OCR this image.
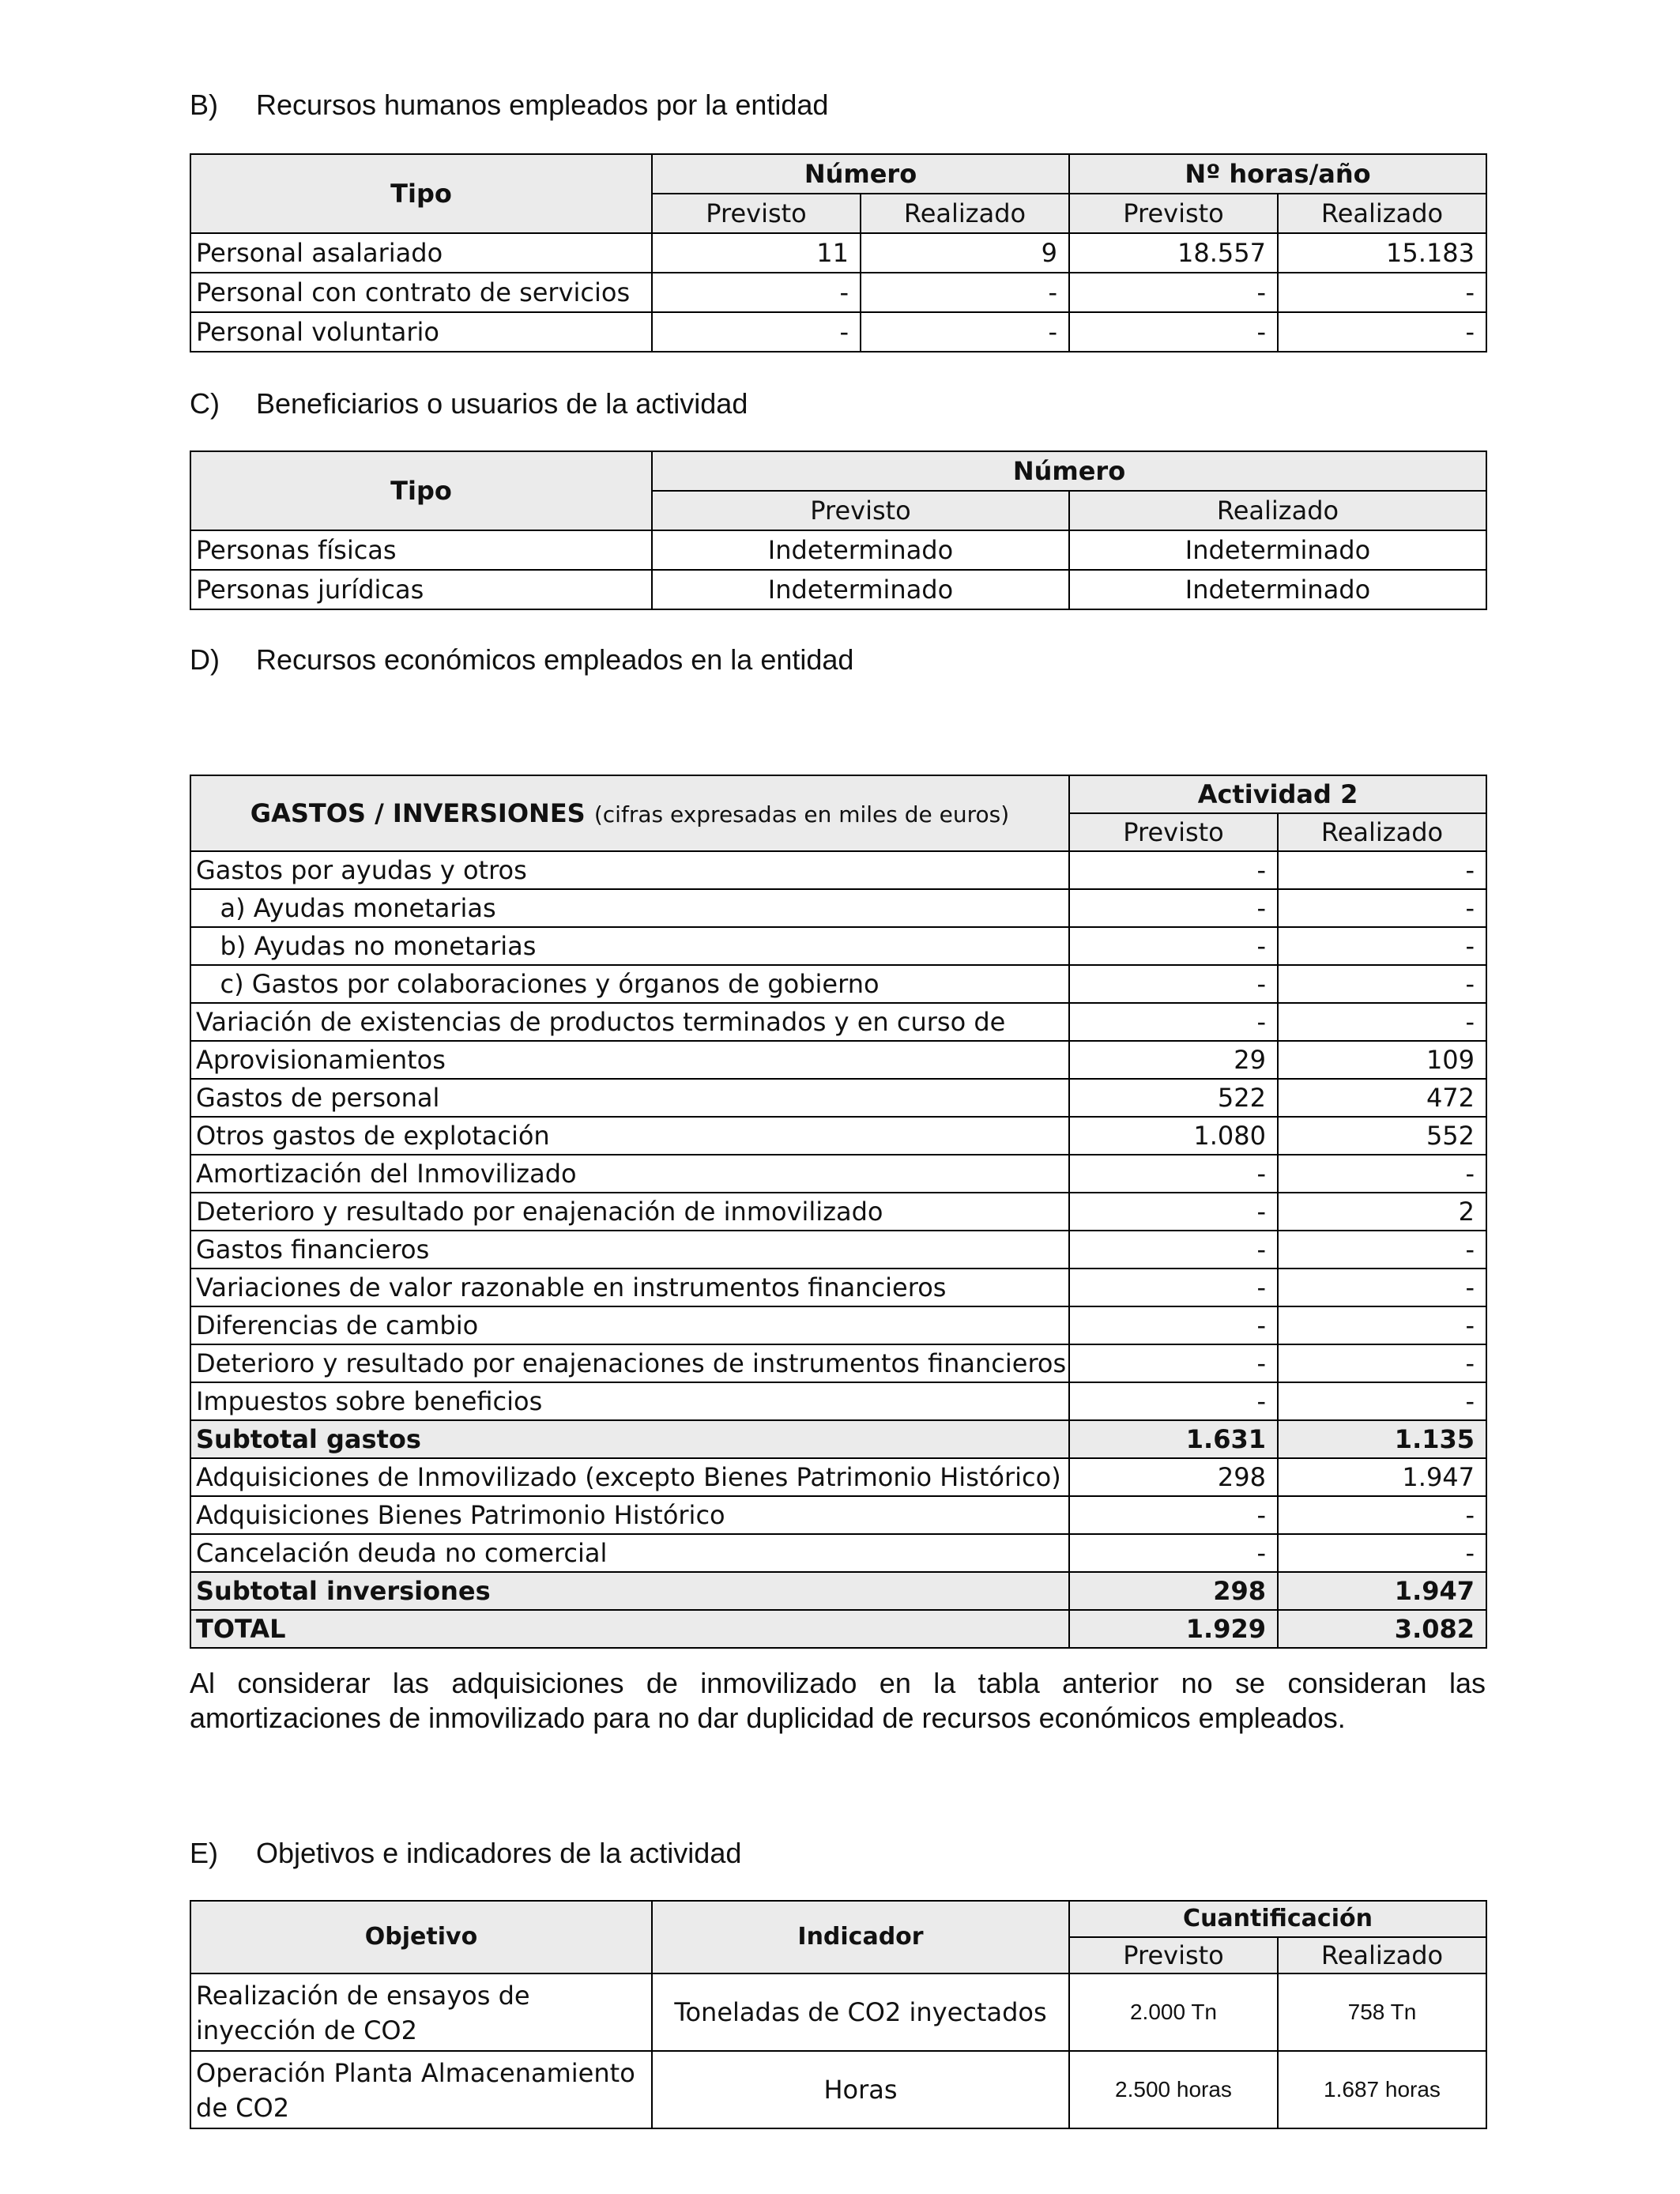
B) Recursos humanos empleados por la entidad
Tipo	Número		Nº horas/año	
	Previsto	Realizado	Previsto	Realizado
Personal asalariado	11	9	18.557	15.183
Personal con contrato de servicios	-	-	-	-
Personal voluntario	-	-	-	-
C) Beneficiarios o usuarios de la actividad
Tipo	Número	
	Previsto	Realizado
Personas físicas	Indeterminado	Indeterminado
Personas jurídicas	Indeterminado	Indeterminado
D) Recursos económicos empleados en la entidad
GASTOS / INVERSIONES (cifras expresadas en miles de euros)	Actividad 2	
	Previsto	Realizado
Gastos por ayudas y otros	-	-
a) Ayudas monetarias	-	-
b) Ayudas no monetarias	-	-
c) Gastos por colaboraciones y órganos de gobierno	-	-
Variación de existencias de productos terminados y en curso de	-	-
Aprovisionamientos	29	109
Gastos de personal	522	472
Otros gastos de explotación	1.080	552
Amortización del Inmovilizado	-	-
Deterioro y resultado por enajenación de inmovilizado	-	2
Gastos financieros	-	-
Variaciones de valor razonable en instrumentos financieros	-	-
Diferencias de cambio	-	-
Deterioro y resultado por enajenaciones de instrumentos financieros	-	-
Impuestos sobre beneficios	-	-
Subtotal gastos	1.631	1.135
Adquisiciones de Inmovilizado (excepto Bienes Patrimonio Histórico)	298	1.947
Adquisiciones Bienes Patrimonio Histórico	-	-
Cancelación deuda no comercial	-	-
Subtotal inversiones	298	1.947
TOTAL	1.929	3.082
Al considerar las adquisiciones de inmovilizado en la tabla anterior no se consideran las amortizaciones de inmovilizado para no dar duplicidad de recursos económicos empleados.
E) Objetivos e indicadores de la actividad
Objetivo	Indicador	Cuantificación	
		Previsto	Realizado
Realización de ensayos de inyección de CO2	Toneladas de CO2 inyectados	2.000 Tn	758 Tn
Operación Planta Almacenamiento de CO2	Horas	2.500 horas	1.687 horas
